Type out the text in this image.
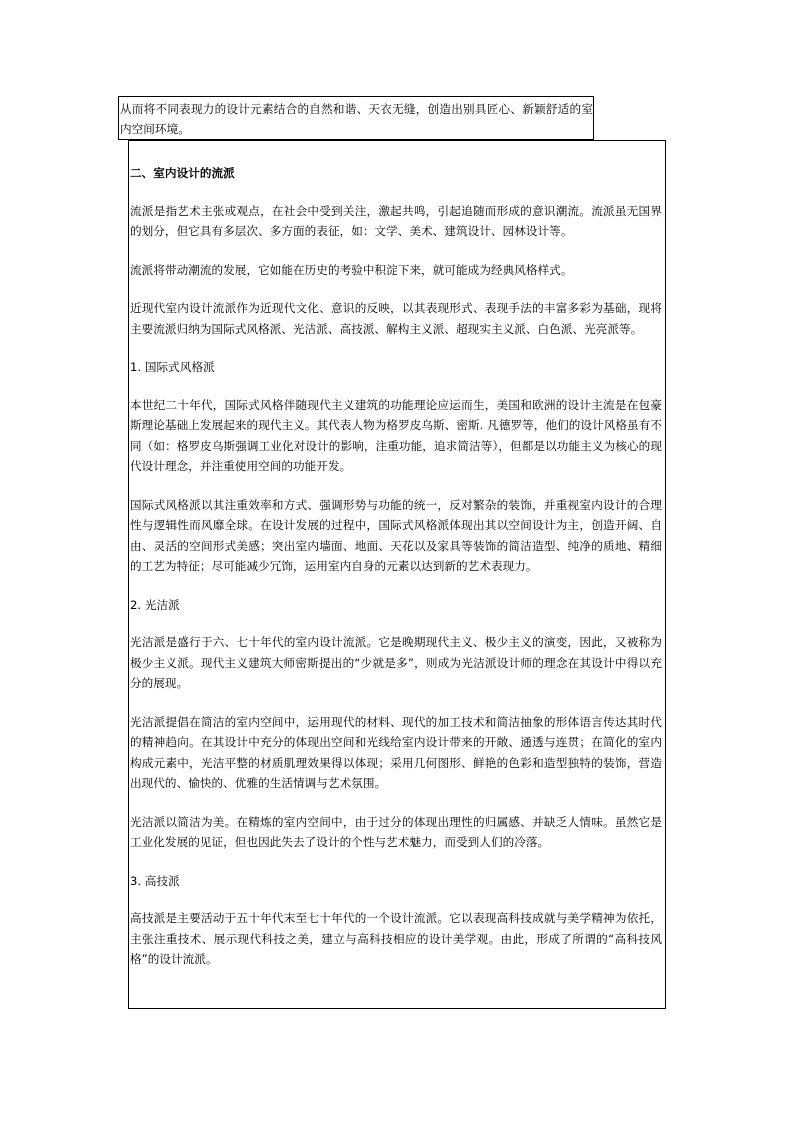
从而将不同表现力的设计元素结合的自然和谐、天衣无缝，创造出别具匠心、新颖舒适的室内空间环境。
二、室内设计的流派
流派是指艺术主张或观点，在社会中受到关注，激起共鸣，引起追随而形成的意识潮流。流派虽无国界的划分，但它具有多层次、多方面的表征，如：文学、美术、建筑设计、园林设计等。
流派将带动潮流的发展，它如能在历史的考验中积淀下来，就可能成为经典风格样式。
近现代室内设计流派作为近现代文化、意识的反映，以其表现形式、表现手法的丰富多彩为基础，现将主要流派归纳为国际式风格派、光洁派、高技派、解构主义派、超现实主义派、白色派、光亮派等。
1. 国际式风格派
本世纪二十年代，国际式风格伴随现代主义建筑的功能理论应运而生，美国和欧洲的设计主流是在包豪斯理论基础上发展起来的现代主义。其代表人物为格罗皮乌斯、密斯. 凡德罗等，他们的设计风格虽有不同（如：格罗皮乌斯强调工业化对设计的影响，注重功能，追求简洁等），但都是以功能主义为核心的现代设计理念，并注重使用空间的功能开发。
国际式风格派以其注重效率和方式、强调形势与功能的统一，反对繁杂的装饰，并重视室内设计的合理性与逻辑性而风靡全球。在设计发展的过程中，国际式风格派体现出其以空间设计为主，创造开阔、自由、灵活的空间形式美感；突出室内墙面、地面、天花以及家具等装饰的简洁造型、纯净的质地、精细的工艺为特征；尽可能减少冗饰，运用室内自身的元素以达到新的艺术表现力。
2. 光洁派
光洁派是盛行于六、七十年代的室内设计流派。它是晚期现代主义、极少主义的演变，因此，又被称为极少主义派。现代主义建筑大师密斯提出的“少就是多”，则成为光洁派设计师的理念在其设计中得以充分的展现。
光洁派提倡在简洁的室内空间中，运用现代的材料、现代的加工技术和简洁抽象的形体语言传达其时代的精神趋向。在其设计中充分的体现出空间和光线给室内设计带来的开敞、通透与连贯；在简化的室内构成元素中，光洁平整的材质肌理效果得以体现；采用几何图形、鲜艳的色彩和造型独特的装饰，营造出现代的、愉快的、优雅的生活情调与艺术氛围。
光洁派以简洁为美。在精炼的室内空间中，由于过分的体现出理性的归属感、并缺乏人情味。虽然它是工业化发展的见证，但也因此失去了设计的个性与艺术魅力，而受到人们的冷落。
3. 高技派
高技派是主要活动于五十年代末至七十年代的一个设计流派。它以表现高科技成就与美学精神为依托，主张注重技术、展示现代科技之美，建立与高科技相应的设计美学观。由此，形成了所谓的“高科技风格”的设计流派。
